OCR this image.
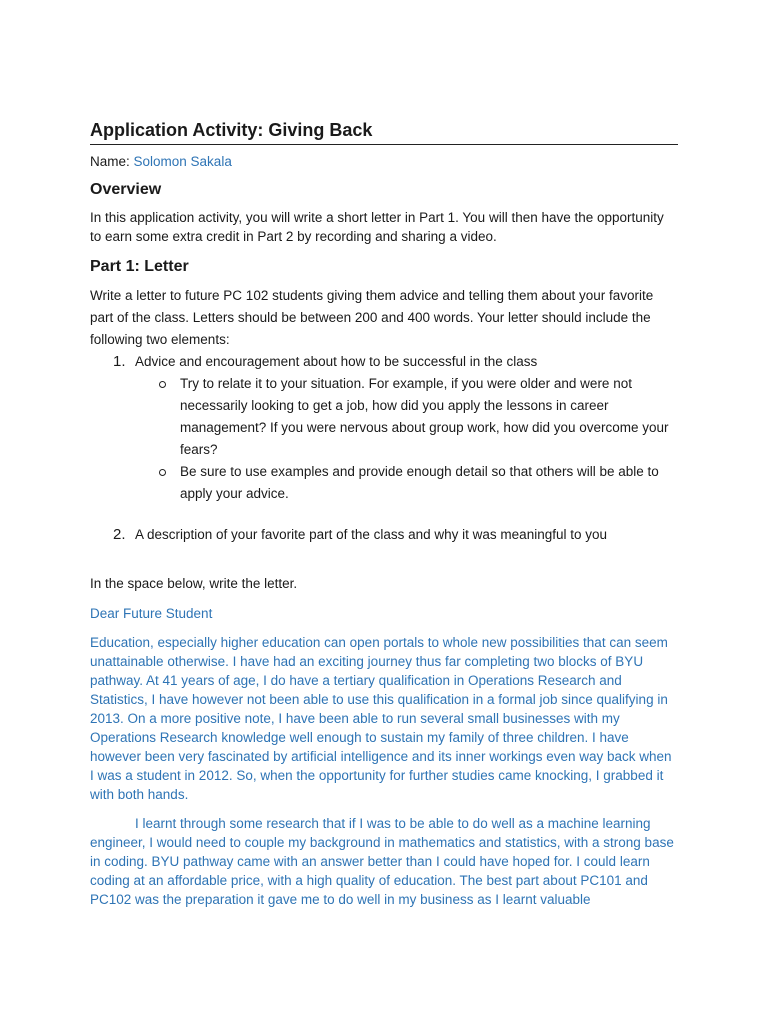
Application Activity: Giving Back

Name: Solomon Sakala

Overview

In this application activity, you will write a short letter in Part 1. You will then have the opportunity to earn some extra credit in Part 2 by recording and sharing a video.

Part 1: Letter

Write a letter to future PC 102 students giving them advice and telling them about your favorite part of the class. Letters should be between 200 and 400 words. Your letter should include the following two elements:

1. Advice and encouragement about how to be successful in the class
Try to relate it to your situation. For example, if you were older and were not necessarily looking to get a job, how did you apply the lessons in career management? If you were nervous about group work, how did you overcome your fears?
Be sure to use examples and provide enough detail so that others will be able to apply your advice.
2. A description of your favorite part of the class and why it was meaningful to you

In the space below, write the letter.

Dear Future Student

Education, especially higher education can open portals to whole new possibilities that can seem unattainable otherwise. I have had an exciting journey thus far completing two blocks of BYU pathway. At 41 years of age, I do have a tertiary qualification in Operations Research and Statistics, I have however not been able to use this qualification in a formal job since qualifying in 2013. On a more positive note, I have been able to run several small businesses with my Operations Research knowledge well enough to sustain my family of three children. I have however been very fascinated by artificial intelligence and its inner workings even way back when I was a student in 2012. So, when the opportunity for further studies came knocking, I grabbed it with both hands.

I learnt through some research that if I was to be able to do well as a machine learning engineer, I would need to couple my background in mathematics and statistics, with a strong base in coding. BYU pathway came with an answer better than I could have hoped for. I could learn coding at an affordable price, with a high quality of education. The best part about PC101 and PC102 was the preparation it gave me to do well in my business as I learnt valuable
